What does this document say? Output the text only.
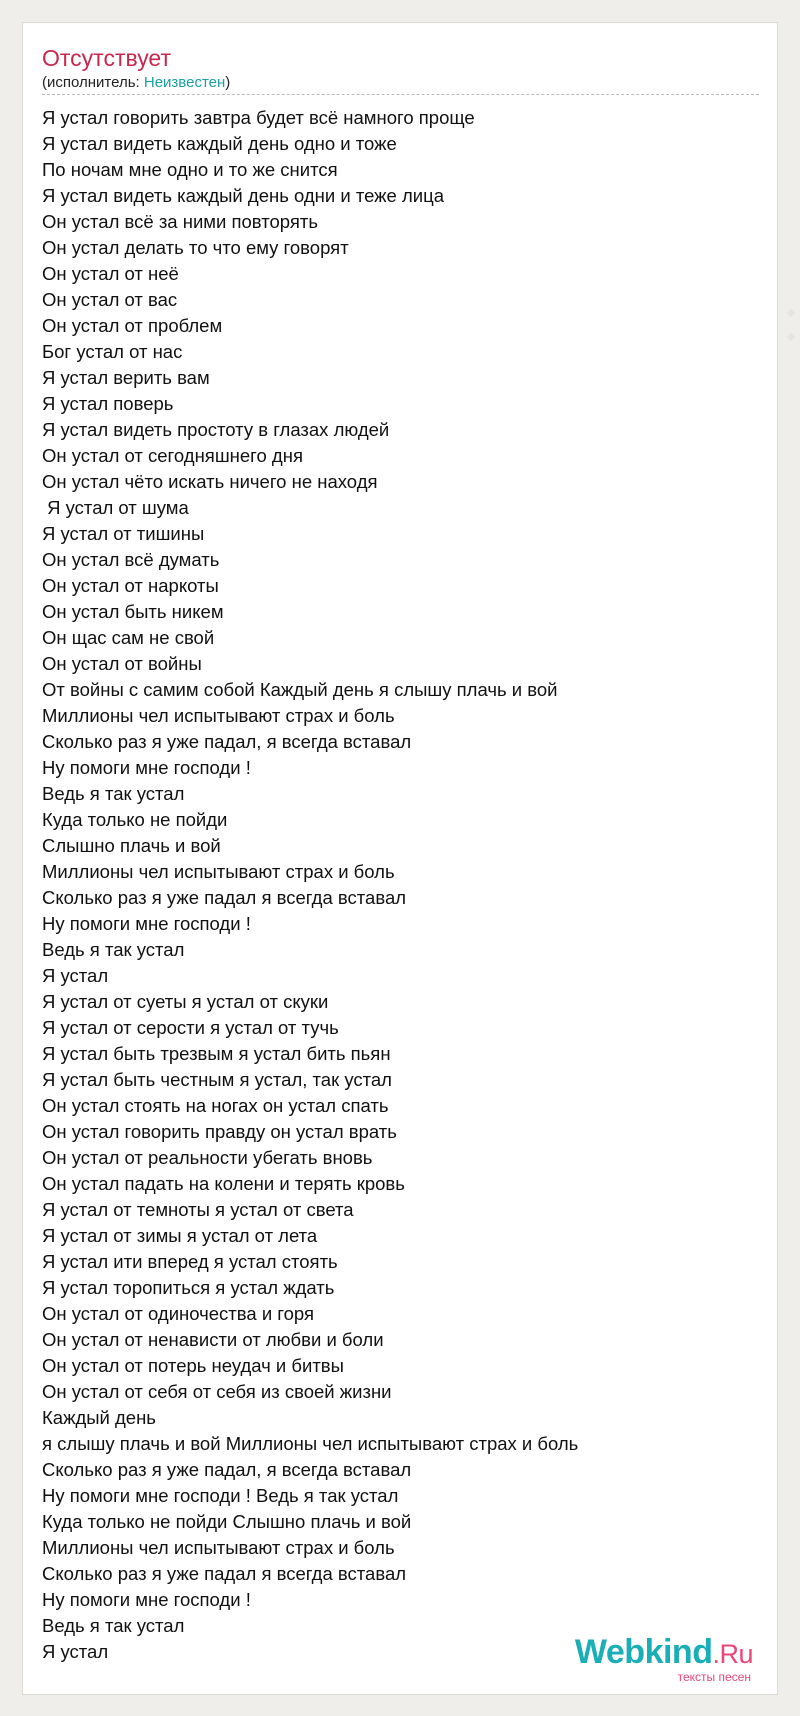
Отсутствует
(исполнитель: Неизвестен)
Я устал говорить завтра будет всё намного проще
Я устал видеть каждый день одно и тоже
По ночам мне одно и то же снится
Я устал видеть каждый день одни и теже лица
Он устал всё за ними повторять
Он устал делать то что ему говорят
Он устал от неё
Он устал от вас
Он устал от проблем
Бог устал от нас
Я устал верить вам
Я устал поверь
Я устал видеть простоту в глазах людей
Он устал от сегодняшнего дня
Он устал чёто искать ничего не находя
Я устал от шума
Я устал от тишины
Он устал всё думать
Он устал от наркоты
Он устал быть никем
Он щас сам не свой
Он устал от войны
От войны с самим собой Каждый день я слышу плачь и вой
Миллионы чел испытывают страх и боль
Сколько раз я уже падал, я всегда вставал
Ну помоги мне господи !
Ведь я так устал
Куда только не пойди
Слышно плачь и вой
Миллионы чел испытывают страх и боль
Сколько раз я уже падал я всегда вставал
Ну помоги мне господи !
Ведь я так устал
Я устал
Я устал от суеты я устал от скуки
Я устал от серости я устал от тучь
Я устал быть трезвым я устал бить пьян
Я устал быть честным я устал, так устал
Он устал стоять на ногах он устал спать
Он устал говорить правду он устал врать
Он устал от реальности убегать вновь
Он устал падать на колени и терять кровь
Я устал от темноты я устал от света
Я устал от зимы я устал от лета
Я устал ити вперед я устал стоять
Я устал торопиться я устал ждать
Он устал от одиночества и горя
Он устал от ненависти от любви и боли
Он устал от потерь неудач и битвы
Он устал от себя от себя из своей жизни
Каждый день
я слышу плачь и вой Миллионы чел испытывают страх и боль
Сколько раз я уже падал, я всегда вставал
Ну помоги мне господи ! Ведь я так устал
Куда только не пойди Слышно плачь и вой
Миллионы чел испытывают страх и боль
Сколько раз я уже падал я всегда вставал
Ну помоги мне господи !
Ведь я так устал
Я устал	Webkind.Ru
тексты песен
